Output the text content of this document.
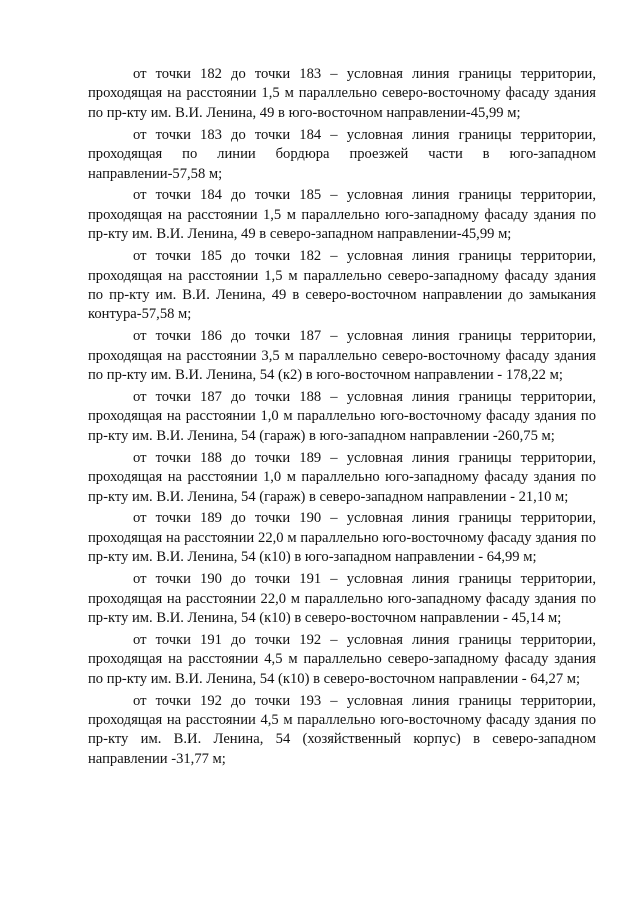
от точки 182 до точки 183 – условная линия границы территории, проходящая на расстоянии 1,5 м параллельно северо-восточному фасаду здания по пр-кту им. В.И. Ленина, 49 в юго-восточном направлении-45,99 м;

от точки 183 до точки 184 – условная линия границы территории, проходящая по линии бордюра проезжей части в юго-западном направлении-57,58 м;

от точки 184 до точки 185 – условная линия границы территории, проходящая на расстоянии 1,5 м параллельно юго-западному фасаду здания по пр-кту им. В.И. Ленина, 49 в северо-западном направлении-45,99 м;

от точки 185 до точки 182 – условная линия границы территории, проходящая на расстоянии 1,5 м параллельно северо-западному фасаду здания по пр-кту им. В.И. Ленина, 49 в северо-восточном направлении до замыкания контура-57,58 м;

от точки 186 до точки 187 – условная линия границы территории, проходящая на расстоянии 3,5 м параллельно северо-восточному фасаду здания по пр-кту им. В.И. Ленина, 54 (к2) в юго-восточном направлении - 178,22 м;

от точки 187 до точки 188 – условная линия границы территории, проходящая на расстоянии 1,0 м параллельно юго-восточному фасаду здания по пр-кту им. В.И. Ленина, 54 (гараж) в юго-западном направлении -260,75 м;

от точки 188 до точки 189 – условная линия границы территории, проходящая на расстоянии 1,0 м параллельно юго-западному фасаду здания по пр-кту им. В.И. Ленина, 54 (гараж) в северо-западном направлении - 21,10 м;

от точки 189 до точки 190 – условная линия границы территории, проходящая на расстоянии 22,0 м параллельно юго-восточному фасаду здания по пр-кту им. В.И. Ленина, 54 (к10) в юго-западном направлении - 64,99 м;

от точки 190 до точки 191 – условная линия границы территории, проходящая на расстоянии 22,0 м параллельно юго-западному фасаду здания по пр-кту им. В.И. Ленина, 54 (к10) в северо-восточном направлении - 45,14 м;

от точки 191 до точки 192 – условная линия границы территории, проходящая на расстоянии 4,5 м параллельно северо-западному фасаду здания по пр-кту им. В.И. Ленина, 54 (к10) в северо-восточном направлении - 64,27 м;

от точки 192 до точки 193 – условная линия границы территории, проходящая на расстоянии 4,5 м параллельно юго-восточному фасаду здания по пр-кту им. В.И. Ленина, 54 (хозяйственный корпус) в северо-западном направлении -31,77 м;
